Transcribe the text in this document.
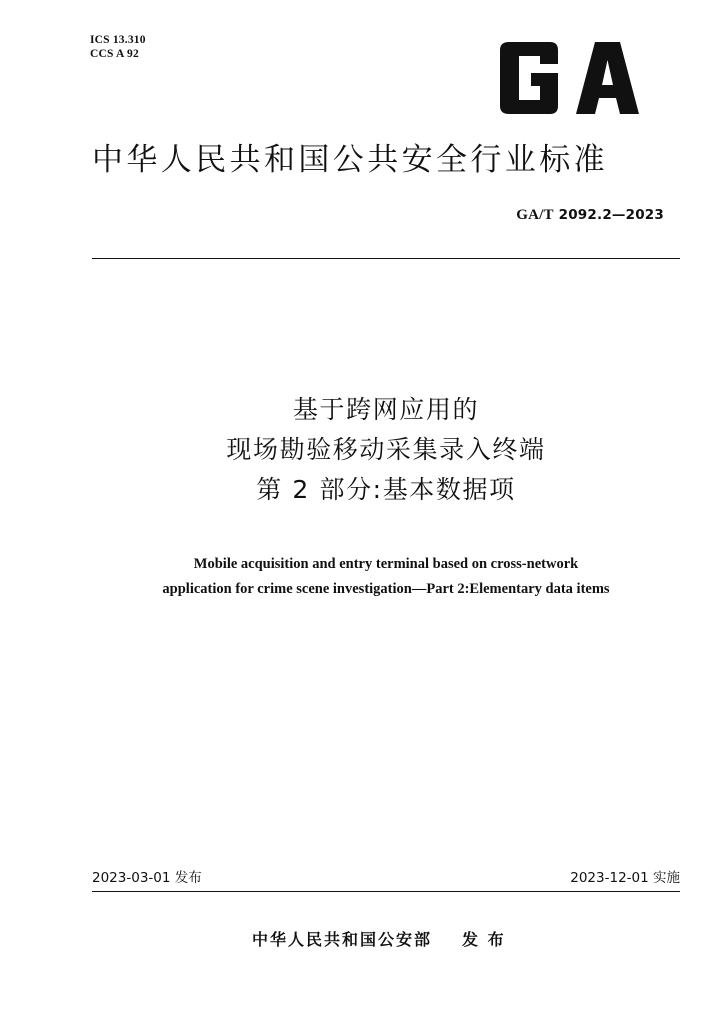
ICS 13.310
CCS A 92
中华人民共和国公共安全行业标准
GA/T 2092.2—2023
基于跨网应用的
现场勘验移动采集录入终端
第 2 部分:基本数据项
Mobile acquisition and entry terminal based on cross-network
application for crime scene investigation—Part 2:Elementary data items
2023-03-01 发布	2023-12-01 实施
中华人民共和国公安部 发 布
